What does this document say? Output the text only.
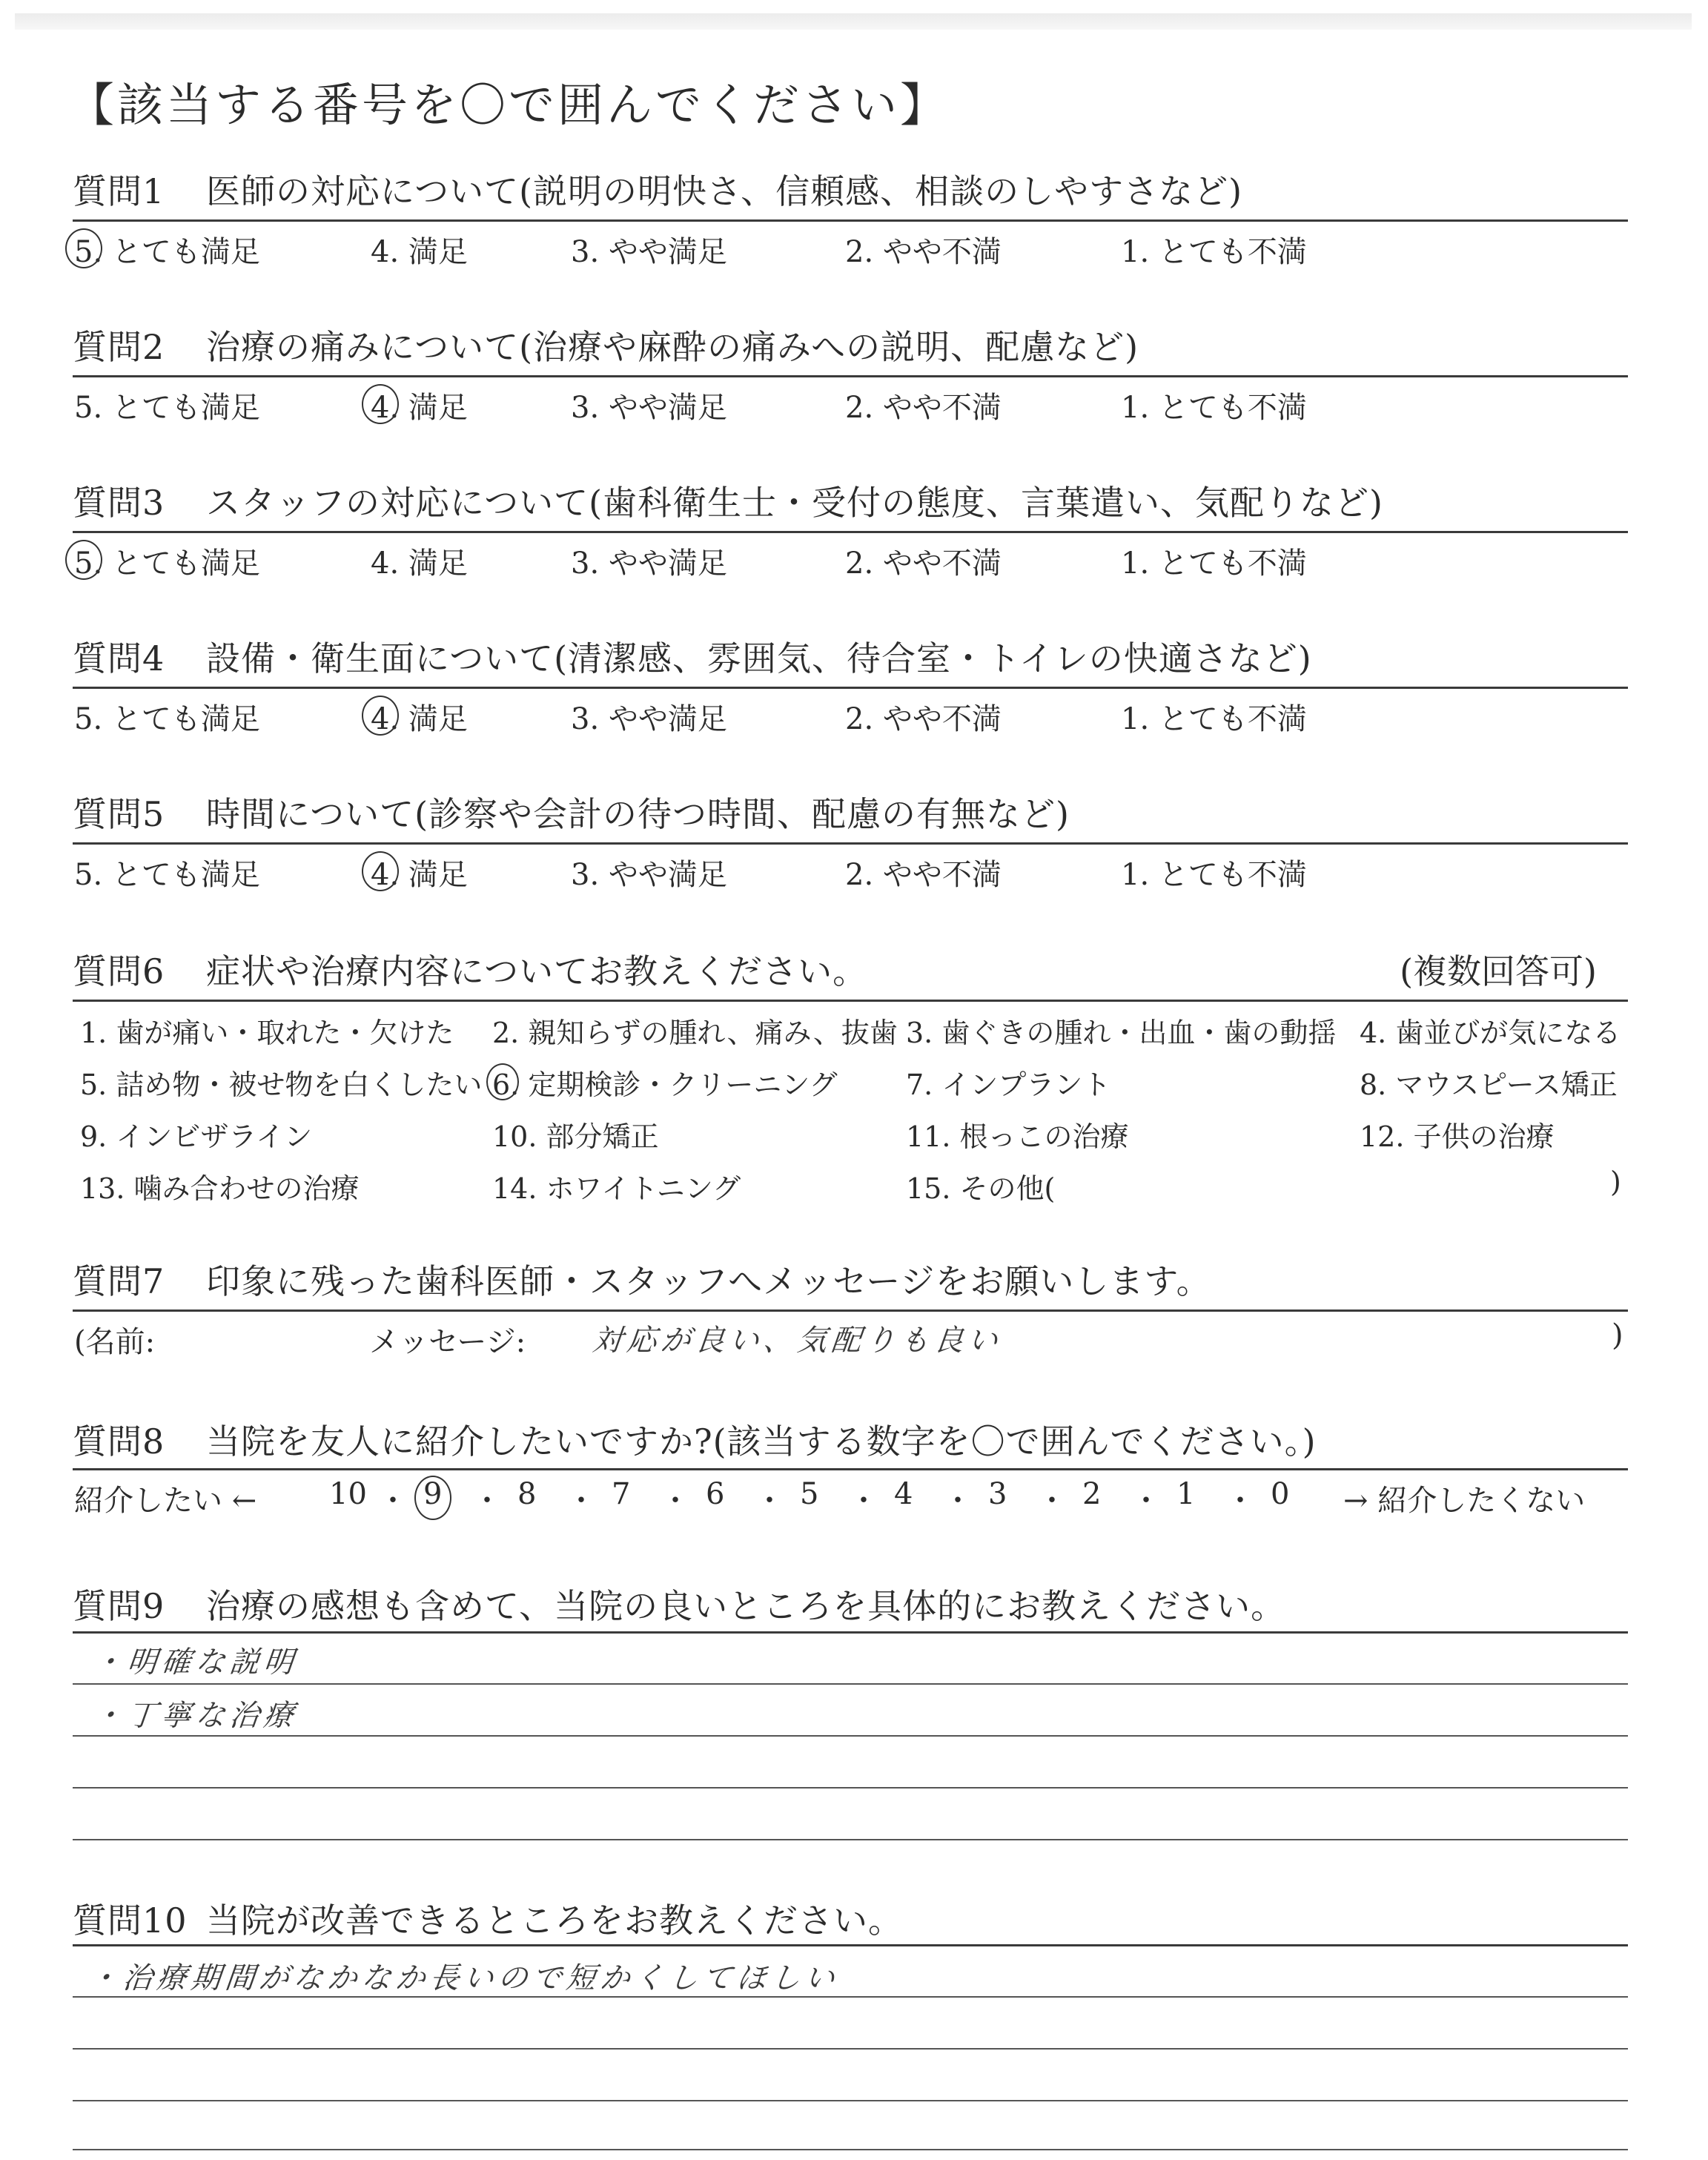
【該当する番号を〇で囲んでください】
質問1 医師の対応について(説明の明快さ、信頼感、相談のしやすさなど)
5. とても満足	4. 満足	3. やや満足	2. やや不満	1. とても不満
質問2 治療の痛みについて(治療や麻酔の痛みへの説明、配慮など)
5. とても満足	4. 満足	3. やや満足	2. やや不満	1. とても不満
質問3 スタッフの対応について(歯科衛生士・受付の態度、言葉遣い、気配りなど)
5. とても満足	4. 満足	3. やや満足	2. やや不満	1. とても不満
質問4 設備・衛生面について(清潔感、雰囲気、待合室・トイレの快適さなど)
5. とても満足	4. 満足	3. やや満足	2. やや不満	1. とても不満
質問5 時間について(診察や会計の待つ時間、配慮の有無など)
5. とても満足	4. 満足	3. やや満足	2. やや不満	1. とても不満
質問6 症状や治療内容についてお教えください。	(複数回答可)
1. 歯が痛い・取れた・欠けた 2. 親知らずの腫れ、痛み、抜歯 3. 歯ぐきの腫れ・出血・歯の動揺 4. 歯並びが気になる
5. 詰め物・被せ物を白くしたい 6. 定期検診・クリーニング 7. インプラント	8. マウスピース矯正
9. インビザライン	10. 部分矯正	11. 根っこの治療	12. 子供の治療
13. 噛み合わせの治療	14. ホワイトニング	15. その他(	)
質問7 印象に残った歯科医師・スタッフへメッセージをお願いします。
(名前:	メッセージ: 対応が良い、気配りも良い	)
質問8 当院を友人に紹介したいですか?(該当する数字を〇で囲んでください。)
紹介したい ← 10 ・ 9 ・ 8 ・ 7 ・ 6 ・ 5 ・ 4 ・ 3 ・ 2 ・ 1 ・ 0 → 紹介したくない
質問9 治療の感想も含めて、当院の良いところを具体的にお教えください。
・明確な説明
・丁寧な治療
質問10 当院が改善できるところをお教えください。
・治療期間がなかなか長いので短かくしてほしい
